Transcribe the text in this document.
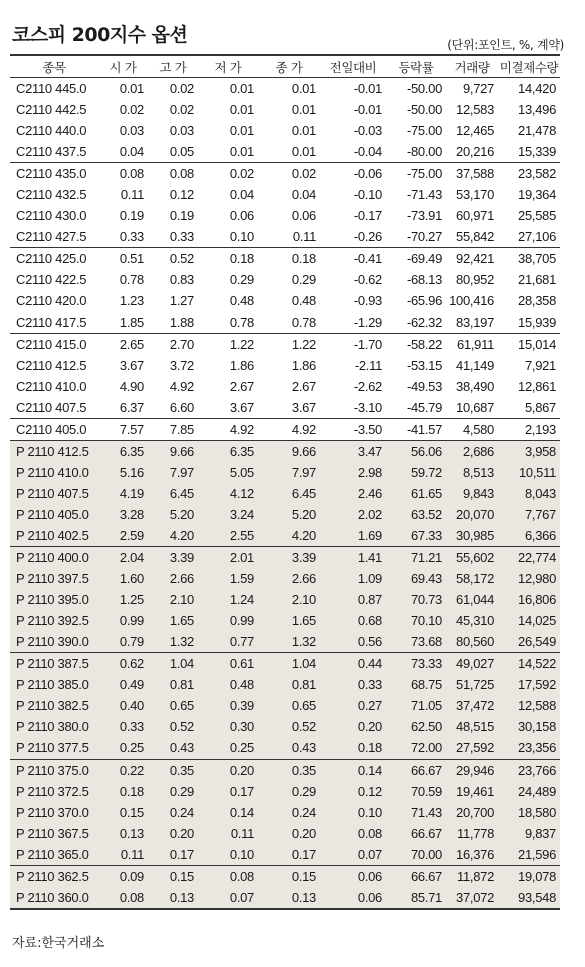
코스피 200지수 옵션	(단위:포인트, %, 계약)
종목	시 가	고 가	저 가	종 가	전일대비	등락률	거래량	미결제수량
C2110 445.0	0.01	0.02	0.01	0.01	-0.01	-50.00	9,727	14,420
C2110 442.5	0.02	0.02	0.01	0.01	-0.01	-50.00	12,583	13,496
C2110 440.0	0.03	0.03	0.01	0.01	-0.03	-75.00	12,465	21,478
C2110 437.5	0.04	0.05	0.01	0.01	-0.04	-80.00	20,216	15,339
C2110 435.0	0.08	0.08	0.02	0.02	-0.06	-75.00	37,588	23,582
C2110 432.5	0.11	0.12	0.04	0.04	-0.10	-71.43	53,170	19,364
C2110 430.0	0.19	0.19	0.06	0.06	-0.17	-73.91	60,971	25,585
C2110 427.5	0.33	0.33	0.10	0.11	-0.26	-70.27	55,842	27,106
C2110 425.0	0.51	0.52	0.18	0.18	-0.41	-69.49	92,421	38,705
C2110 422.5	0.78	0.83	0.29	0.29	-0.62	-68.13	80,952	21,681
C2110 420.0	1.23	1.27	0.48	0.48	-0.93	-65.96	100,416	28,358
C2110 417.5	1.85	1.88	0.78	0.78	-1.29	-62.32	83,197	15,939
C2110 415.0	2.65	2.70	1.22	1.22	-1.70	-58.22	61,911	15,014
C2110 412.5	3.67	3.72	1.86	1.86	-2.11	-53.15	41,149	7,921
C2110 410.0	4.90	4.92	2.67	2.67	-2.62	-49.53	38,490	12,861
C2110 407.5	6.37	6.60	3.67	3.67	-3.10	-45.79	10,687	5,867
C2110 405.0	7.57	7.85	4.92	4.92	-3.50	-41.57	4,580	2,193
P 2110 412.5	6.35	9.66	6.35	9.66	3.47	56.06	2,686	3,958
P 2110 410.0	5.16	7.97	5.05	7.97	2.98	59.72	8,513	10,511
P 2110 407.5	4.19	6.45	4.12	6.45	2.46	61.65	9,843	8,043
P 2110 405.0	3.28	5.20	3.24	5.20	2.02	63.52	20,070	7,767
P 2110 402.5	2.59	4.20	2.55	4.20	1.69	67.33	30,985	6,366
P 2110 400.0	2.04	3.39	2.01	3.39	1.41	71.21	55,602	22,774
P 2110 397.5	1.60	2.66	1.59	2.66	1.09	69.43	58,172	12,980
P 2110 395.0	1.25	2.10	1.24	2.10	0.87	70.73	61,044	16,806
P 2110 392.5	0.99	1.65	0.99	1.65	0.68	70.10	45,310	14,025
P 2110 390.0	0.79	1.32	0.77	1.32	0.56	73.68	80,560	26,549
P 2110 387.5	0.62	1.04	0.61	1.04	0.44	73.33	49,027	14,522
P 2110 385.0	0.49	0.81	0.48	0.81	0.33	68.75	51,725	17,592
P 2110 382.5	0.40	0.65	0.39	0.65	0.27	71.05	37,472	12,588
P 2110 380.0	0.33	0.52	0.30	0.52	0.20	62.50	48,515	30,158
P 2110 377.5	0.25	0.43	0.25	0.43	0.18	72.00	27,592	23,356
P 2110 375.0	0.22	0.35	0.20	0.35	0.14	66.67	29,946	23,766
P 2110 372.5	0.18	0.29	0.17	0.29	0.12	70.59	19,461	24,489
P 2110 370.0	0.15	0.24	0.14	0.24	0.10	71.43	20,700	18,580
P 2110 367.5	0.13	0.20	0.11	0.20	0.08	66.67	11,778	9,837
P 2110 365.0	0.11	0.17	0.10	0.17	0.07	70.00	16,376	21,596
P 2110 362.5	0.09	0.15	0.08	0.15	0.06	66.67	11,872	19,078
P 2110 360.0	0.08	0.13	0.07	0.13	0.06	85.71	37,072	93,548
자료:한국거래소
